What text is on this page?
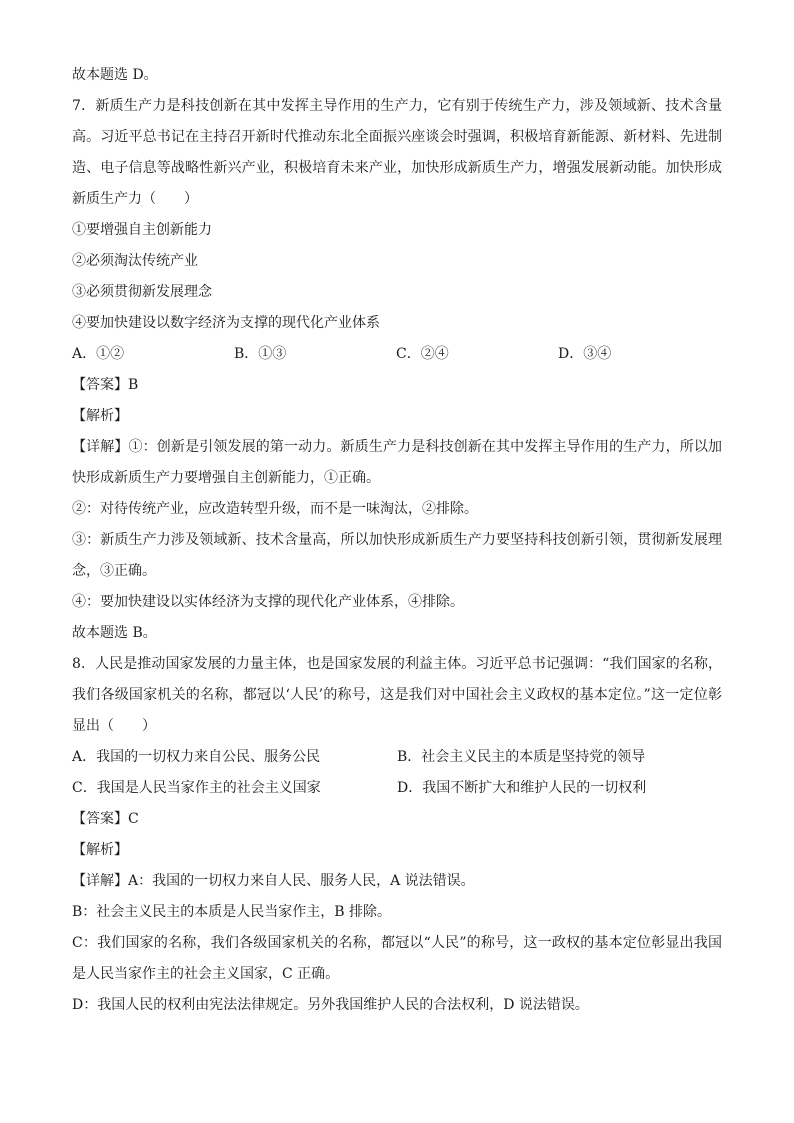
故本题选 D。
7．新质生产力是科技创新在其中发挥主导作用的生产力，它有别于传统生产力，涉及领域新、技术含量高。习近平总书记在主持召开新时代推动东北全面振兴座谈会时强调，积极培育新能源、新材料、先进制造、电子信息等战略性新兴产业，积极培育未来产业，加快形成新质生产力，增强发展新动能。加快形成新质生产力（　　）
①要增强自主创新能力
②必须淘汰传统产业
③必须贯彻新发展理念
④要加快建设以数字经济为支撑的现代化产业体系
A．①②	B．①③	C．②④	D．③④
【答案】B
【解析】
【详解】①：创新是引领发展的第一动力。新质生产力是科技创新在其中发挥主导作用的生产力，所以加快形成新质生产力要增强自主创新能力，①正确。
②：对待传统产业，应改造转型升级，而不是一味淘汰，②排除。
③：新质生产力涉及领域新、技术含量高，所以加快形成新质生产力要坚持科技创新引领，贯彻新发展理念，③正确。
④：要加快建设以实体经济为支撑的现代化产业体系，④排除。
故本题选 B。
8．人民是推动国家发展的力量主体，也是国家发展的利益主体。习近平总书记强调：“我们国家的名称，我们各级国家机关的名称，都冠以‘人民’的称号，这是我们对中国社会主义政权的基本定位。”这一定位彰显出（　　）
A．我国的一切权力来自公民、服务公民	B．社会主义民主的本质是坚持党的领导
C．我国是人民当家作主的社会主义国家	D．我国不断扩大和维护人民的一切权利
【答案】C
【解析】
【详解】A：我国的一切权力来自人民、服务人民，A 说法错误。
B：社会主义民主的本质是人民当家作主，B 排除。
C：我们国家的名称，我们各级国家机关的名称，都冠以“人民”的称号，这一政权的基本定位彰显出我国是人民当家作主的社会主义国家，C 正确。
D：我国人民的权利由宪法法律规定。另外我国维护人民的合法权利，D 说法错误。
